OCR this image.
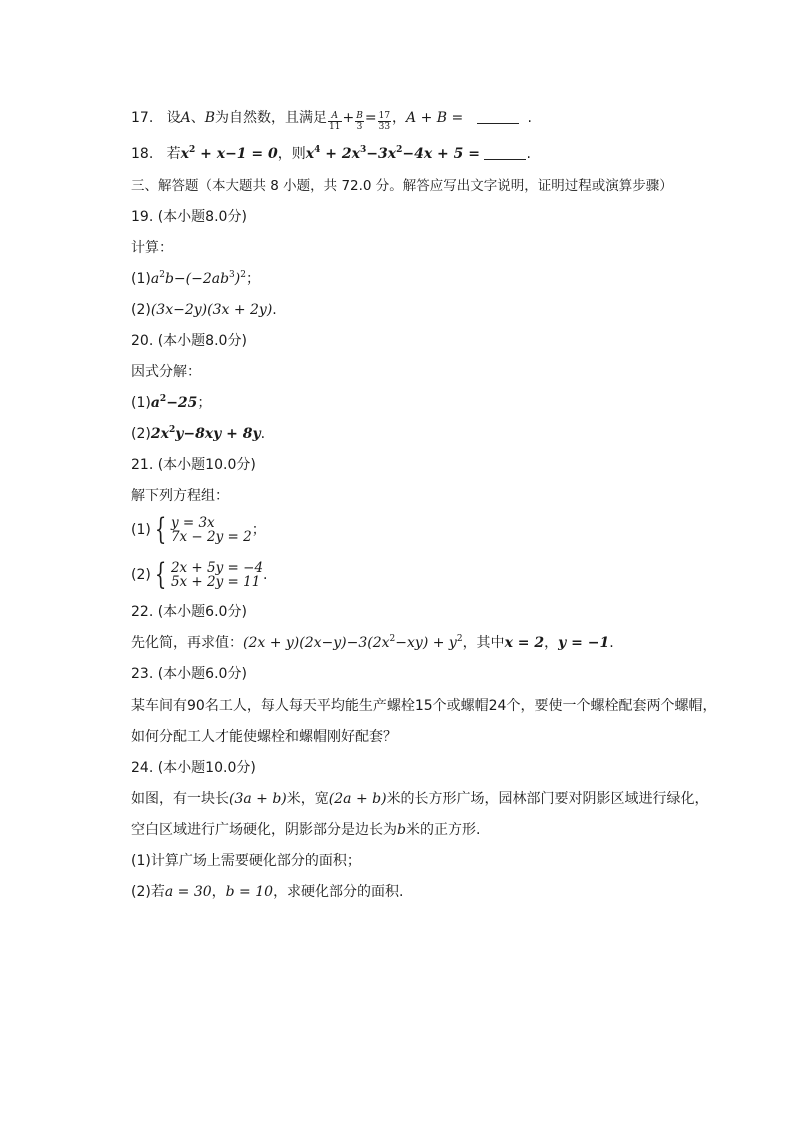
17. 设A、B为自然数，且满足 $\frac{A}{11} + \frac{B}{3} = \frac{17}{33}$ ，A + B =	.
18. 若$x^2 + x-1 = 0$，则$x^4 + 2x^3-3x^2-4x + 5$ =	.
三、解答题（本大题共 8 小题，共 72.0 分。解答应写出文字说明，证明过程或演算步骤）
19. (本小题8.0分)
计算：
$(1)a^2b-(-2ab^3)^2$；
(2)(3x−2y)(3x + 2y).
20. (本小题8.0分)
因式分解：
$(1)a^2-25$；
$(2)2x^2y-8xy + 8y$.
21. (本小题10.0分)
解下列方程组：
(1) { y = 3x
7x − 2y = 2 ；
(2) { 2x + 5y = −4
5x + 2y = 11 .
22. (本小题6.0分)
先化简，再求值：$(2x + y)(2x-y)-3(2x^2-xy) + y^2$，其中x = 2，y = −1.
23. (本小题6.0分)
某车间有90名工人，每人每天平均能生产螺栓15个或螺帽24个，要使一个螺栓配套两个螺帽，
如何分配工人才能使螺栓和螺帽刚好配套？
24. (本小题10.0分)
如图，有一块长(3a + b)米，宽(2a + b)米的长方形广场，园林部门要对阴影区域进行绿化，
空白区域进行广场硬化，阴影部分是边长为b米的正方形.
(1)计算广场上需要硬化部分的面积；
(2)若a = 30，b = 10，求硬化部分的面积.
